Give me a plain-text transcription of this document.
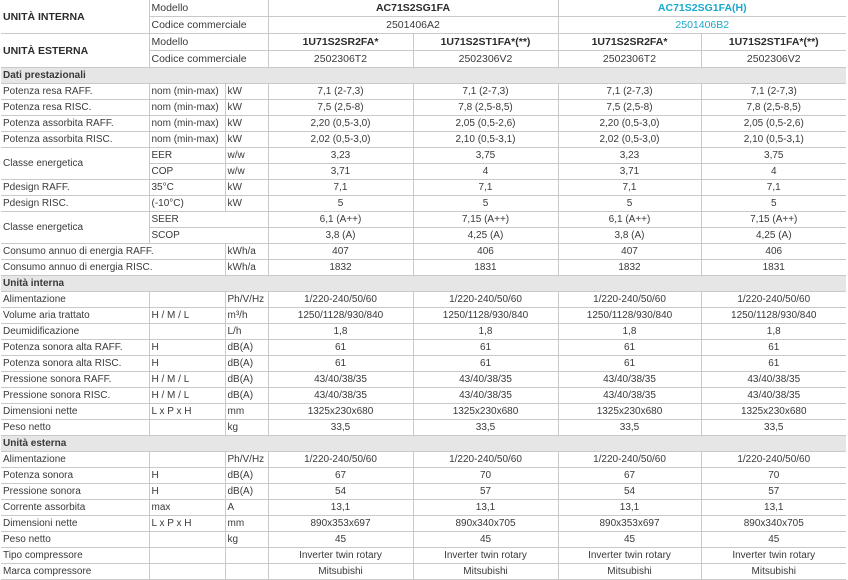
UNITÀ INTERNA	Modello		AC71S2SG1FA		AC71S2SG1FA(H)	
	Codice commerciale		2501406A2		2501406B2	
UNITÀ ESTERNA	Modello		1U71S2SR2FA*	1U71S2ST1FA*(**)	1U71S2SR2FA*	1U71S2ST1FA*(**)
	Codice commerciale		2502306T2	2502306V2	2502306T2	2502306V2
Dati prestazionali						
Potenza resa RAFF.	nom (min-max)	kW	7,1 (2-7,3)	7,1 (2-7,3)	7,1 (2-7,3)	7,1 (2-7,3)
Potenza resa RISC.	nom (min-max)	kW	7,5 (2,5-8)	7,8 (2,5-8,5)	7,5 (2,5-8)	7,8 (2,5-8,5)
Potenza assorbita RAFF.	nom (min-max)	kW	2,20 (0,5-3,0)	2,05 (0,5-2,6)	2,20 (0,5-3,0)	2,05 (0,5-2,6)
Potenza assorbita RISC.	nom (min-max)	kW	2,02 (0,5-3,0)	2,10 (0,5-3,1)	2,02 (0,5-3,0)	2,10 (0,5-3,1)
Classe energetica	EER	w/w	3,23	3,75	3,23	3,75
	COP	w/w	3,71	4	3,71	4
Pdesign RAFF.	35°C	kW	7,1	7,1	7,1	7,1
Pdesign RISC.	(-10°C)	kW	5	5	5	5
Classe energetica	SEER		6,1 (A++)	7,15 (A++)	6,1 (A++)	7,15 (A++)
	SCOP		3,8 (A)	4,25 (A)	3,8 (A)	4,25 (A)
Consumo annuo di energia RAFF.		kWh/a	407	406	407	406
Consumo annuo di energia RISC.		kWh/a	1832	1831	1832	1831
Unità interna						
Alimentazione		Ph/V/Hz	1/220-240/50/60	1/220-240/50/60	1/220-240/50/60	1/220-240/50/60
Volume aria trattato	H / M / L	m³/h	1250/1128/930/840	1250/1128/930/840	1250/1128/930/840	1250/1128/930/840
Deumidificazione		L/h	1,8	1,8	1,8	1,8
Potenza sonora alta RAFF.	H	dB(A)	61	61	61	61
Potenza sonora alta RISC.	H	dB(A)	61	61	61	61
Pressione sonora RAFF.	H / M / L	dB(A)	43/40/38/35	43/40/38/35	43/40/38/35	43/40/38/35
Pressione sonora RISC.	H / M / L	dB(A)	43/40/38/35	43/40/38/35	43/40/38/35	43/40/38/35
Dimensioni nette	L x P x H	mm	1325x230x680	1325x230x680	1325x230x680	1325x230x680
Peso netto		kg	33,5	33,5	33,5	33,5
Unità esterna						
Alimentazione		Ph/V/Hz	1/220-240/50/60	1/220-240/50/60	1/220-240/50/60	1/220-240/50/60
Potenza sonora	H	dB(A)	67	70	67	70
Pressione sonora	H	dB(A)	54	57	54	57
Corrente assorbita	max	A	13,1	13,1	13,1	13,1
Dimensioni nette	L x P x H	mm	890x353x697	890x340x705	890x353x697	890x340x705
Peso netto		kg	45	45	45	45
Tipo compressore			Inverter twin rotary	Inverter twin rotary	Inverter twin rotary	Inverter twin rotary
Marca compressore			Mitsubishi	Mitsubishi	Mitsubishi	Mitsubishi
